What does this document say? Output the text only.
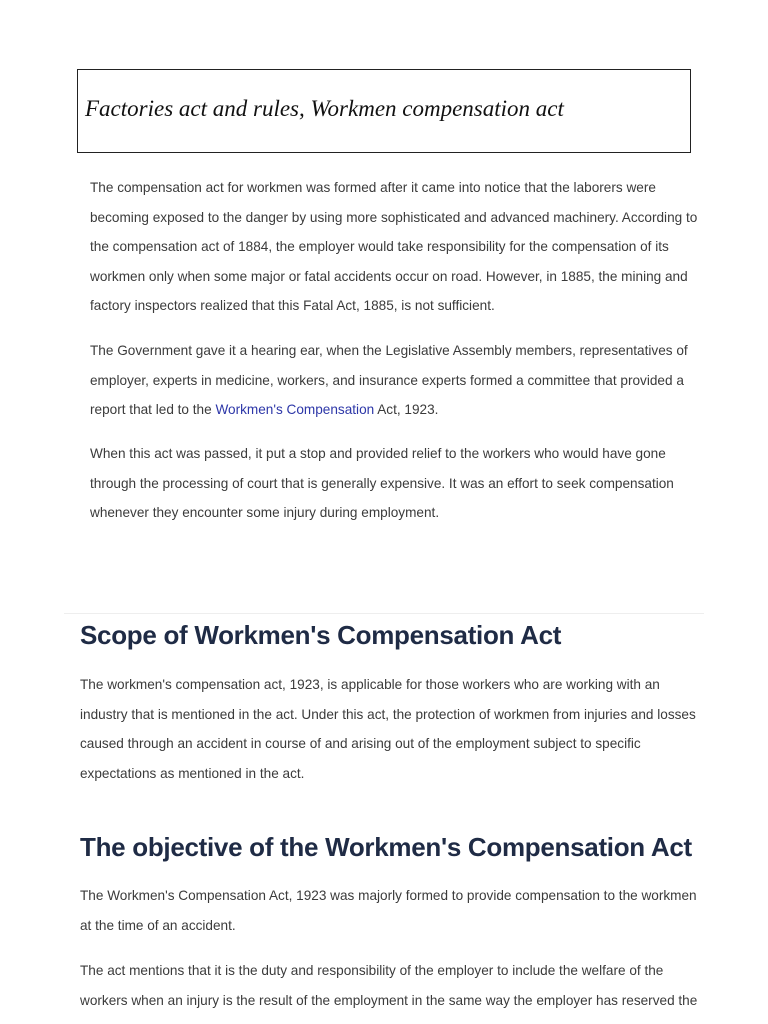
Factories act and rules, Workmen compensation act

The compensation act for workmen was formed after it came into notice that the laborers were becoming exposed to the danger by using more sophisticated and advanced machinery. According to the compensation act of 1884, the employer would take responsibility for the compensation of its workmen only when some major or fatal accidents occur on road. However, in 1885, the mining and factory inspectors realized that this Fatal Act, 1885, is not sufficient.

The Government gave it a hearing ear, when the Legislative Assembly members, representatives of employer, experts in medicine, workers, and insurance experts formed a committee that provided a report that led to the Workmen's Compensation Act, 1923.

When this act was passed, it put a stop and provided relief to the workers who would have gone through the processing of court that is generally expensive. It was an effort to seek compensation whenever they encounter some injury during employment.

Scope of Workmen's Compensation Act

The workmen's compensation act, 1923, is applicable for those workers who are working with an industry that is mentioned in the act. Under this act, the protection of workmen from injuries and losses caused through an accident in course of and arising out of the employment subject to specific expectations as mentioned in the act.

The objective of the Workmen's Compensation Act

The Workmen's Compensation Act, 1923 was majorly formed to provide compensation to the workmen at the time of an accident.

The act mentions that it is the duty and responsibility of the employer to include the welfare of the workers when an injury is the result of the employment in the same way the employer has reserved the
